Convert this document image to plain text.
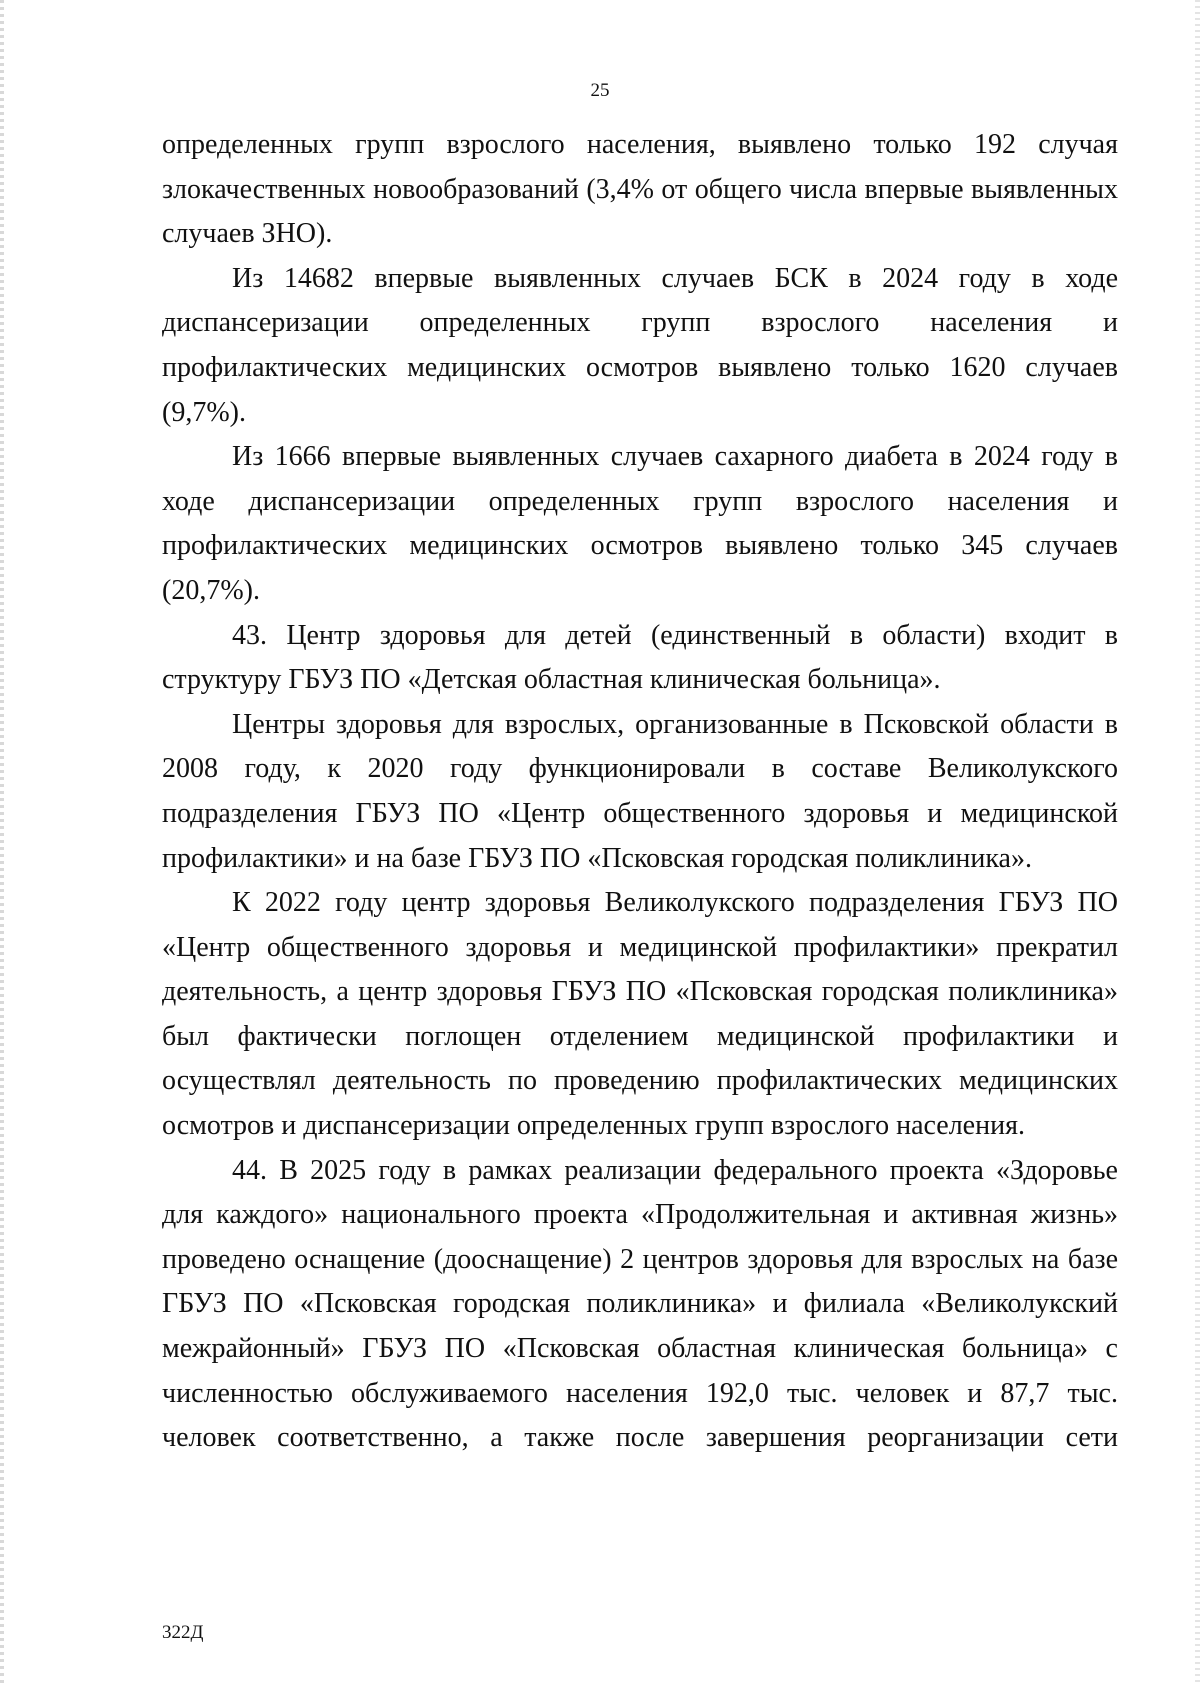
25

определенных групп взрослого населения, выявлено только 192 случая злокачественных новообразований (3,4% от общего числа впервые выявленных случаев ЗНО).

Из 14682 впервые выявленных случаев БСК в 2024 году в ходе диспансеризации определенных групп взрослого населения и профилактических медицинских осмотров выявлено только 1620 случаев (9,7%).

Из 1666 впервые выявленных случаев сахарного диабета в 2024 году в ходе диспансеризации определенных групп взрослого населения и профилактических медицинских осмотров выявлено только 345 случаев (20,7%).

43. Центр здоровья для детей (единственный в области) входит в структуру ГБУЗ ПО «Детская областная клиническая больница».

Центры здоровья для взрослых, организованные в Псковской области в 2008 году, к 2020 году функционировали в составе Великолукского подразделения ГБУЗ ПО «Центр общественного здоровья и медицинской профилактики» и на базе ГБУЗ ПО «Псковская городская поликлиника».

К 2022 году центр здоровья Великолукского подразделения ГБУЗ ПО «Центр общественного здоровья и медицинской профилактики» прекратил деятельность, а центр здоровья ГБУЗ ПО «Псковская городская поликлиника» был фактически поглощен отделением медицинской профилактики и осуществлял деятельность по проведению профилактических медицинских осмотров и диспансеризации определенных групп взрослого населения.

44. В 2025 году в рамках реализации федерального проекта «Здоровье для каждого» национального проекта «Продолжительная и активная жизнь» проведено оснащение (дооснащение) 2 центров здоровья для взрослых на базе ГБУЗ ПО «Псковская городская поликлиника» и филиала «Великолукский межрайонный» ГБУЗ ПО «Псковская областная клиническая больница» с численностью обслуживаемого населения 192,0 тыс. человек и 87,7 тыс. человек соответственно, а также после завершения реорганизации сети

322Д
